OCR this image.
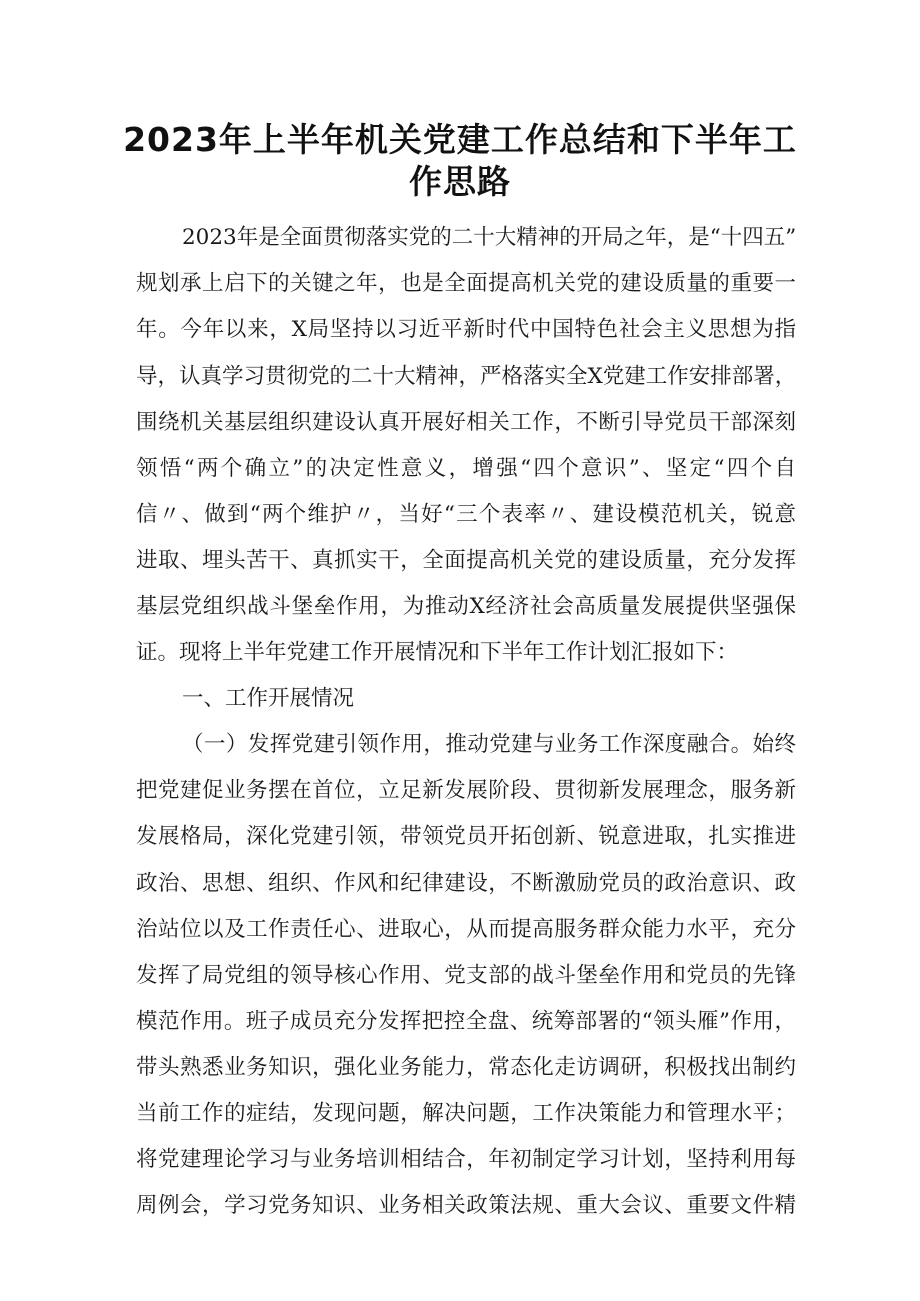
2023年上半年机关党建工作总结和下半年工
作思路
2023年是全面贯彻落实党的二十大精神的开局之年，是“十四五”
规划承上启下的关键之年，也是全面提高机关党的建设质量的重要一
年。今年以来，X局坚持以习近平新时代中国特色社会主义思想为指
导，认真学习贯彻党的二十大精神，严格落实全X党建工作安排部署，
围绕机关基层组织建设认真开展好相关工作，不断引导党员干部深刻
领悟“两个确立”的决定性意义，增强“四个意识”、坚定“四个自
信〃、做到“两个维护〃，当好“三个表率〃、建设模范机关，锐意
进取、埋头苦干、真抓实干，全面提高机关党的建设质量，充分发挥
基层党组织战斗堡垒作用，为推动X经济社会高质量发展提供坚强保
证。现将上半年党建工作开展情况和下半年工作计划汇报如下：
一、工作开展情况
（一）发挥党建引领作用，推动党建与业务工作深度融合。始终
把党建促业务摆在首位，立足新发展阶段、贯彻新发展理念，服务新
发展格局，深化党建引领，带领党员开拓创新、锐意进取，扎实推进
政治、思想、组织、作风和纪律建设，不断激励党员的政治意识、政
治站位以及工作责任心、进取心，从而提高服务群众能力水平，充分
发挥了局党组的领导核心作用、党支部的战斗堡垒作用和党员的先锋
模范作用。班子成员充分发挥把控全盘、统筹部署的“领头雁”作用，
带头熟悉业务知识，强化业务能力，常态化走访调研，积极找出制约
当前工作的症结，发现问题，解决问题，工作决策能力和管理水平；
将党建理论学习与业务培训相结合，年初制定学习计划，坚持利用每
周例会，学习党务知识、业务相关政策法规、重大会议、重要文件精
